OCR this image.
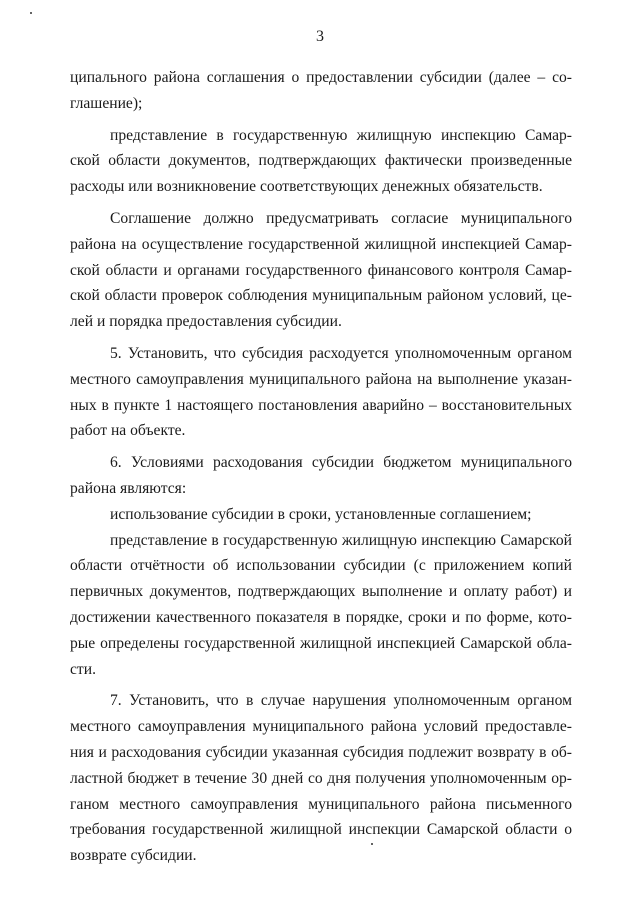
3
ципального района соглашения о предоставлении субсидии (далее – со-
глашение);
представление в государственную жилищную инспекцию Самар-
ской области документов, подтверждающих фактически произведенные
расходы или возникновение соответствующих денежных обязательств.
Соглашение должно предусматривать согласие муниципального
района на осуществление государственной жилищной инспекцией Самар-
ской области и органами государственного финансового контроля Самар-
ской области проверок соблюдения муниципальным районом условий, це-
лей и порядка предоставления субсидии.
5. Установить, что субсидия расходуется уполномоченным органом
местного самоуправления муниципального района на выполнение указан-
ных в пункте 1 настоящего постановления аварийно – восстановительных
работ на объекте.
6. Условиями расходования субсидии бюджетом муниципального
района являются:
использование субсидии в сроки, установленные соглашением;
представление в государственную жилищную инспекцию Самарской
области отчётности об использовании субсидии (с приложением копий
первичных документов, подтверждающих выполнение и оплату работ) и
достижении качественного показателя в порядке, сроки и по форме, кото-
рые определены государственной жилищной инспекцией Самарской обла-
сти.
7. Установить, что в случае нарушения уполномоченным органом
местного самоуправления муниципального района условий предоставле-
ния и расходования субсидии указанная субсидия подлежит возврату в об-
ластной бюджет в течение 30 дней со дня получения уполномоченным ор-
ганом местного самоуправления муниципального района письменного
требования государственной жилищной инспекции Самарской области о
возврате субсидии.
